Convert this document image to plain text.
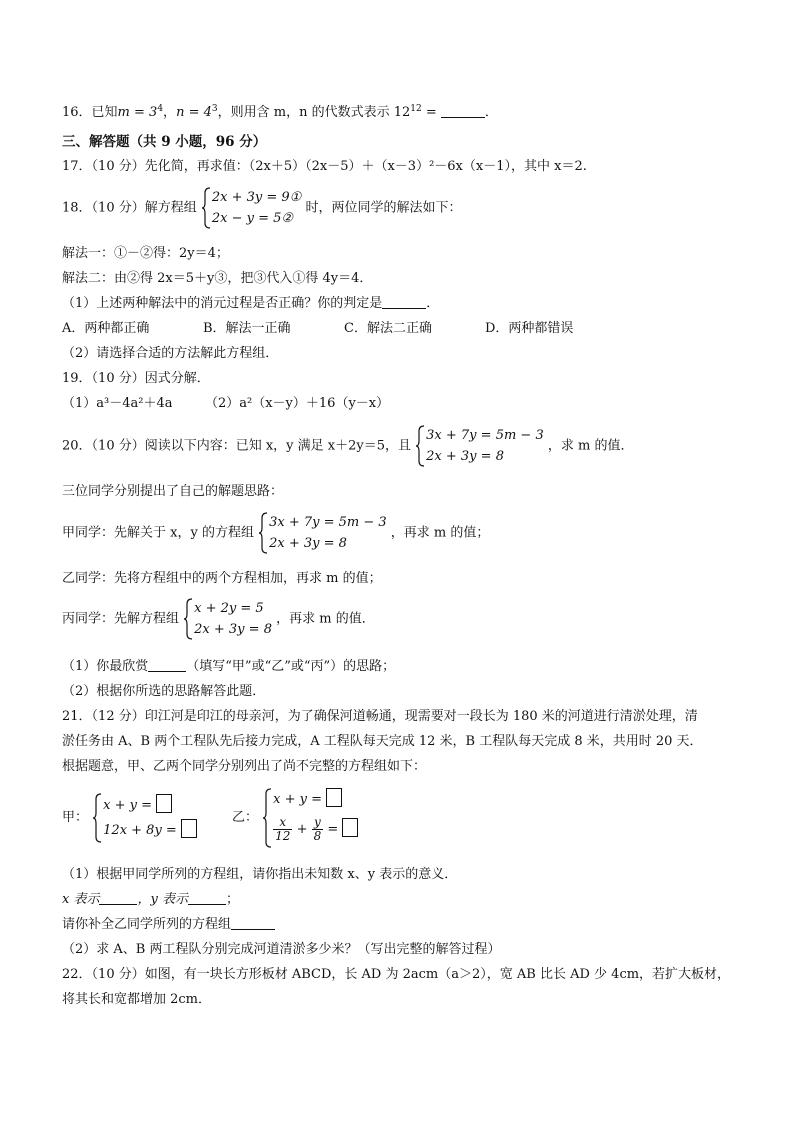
16．已知$m = 3^4$，$n = 4^3$，则用含 m，n 的代数式表示 $12^{12}$ =	．
三、解答题（共 9 小题，96 分）
17．（10 分）先化简，再求值：（2x＋5）（2x－5）＋（x－3）²－6x（x－1），其中 x＝2.
18．（10 分）解方程组
2x + 3y = 9①
2x − y = 5②
时，两位同学的解法如下：
解法一：①－②得：2y＝4；
解法二：由②得 2x＝5＋y③，把③代入①得 4y＝4．
（1）上述两种解法中的消元过程是否正确？你的判定是	．
A．两种都正确	B．解法一正确	C．解法二正确	D．两种都错误
（2）请选择合适的方法解此方程组．
19．（10 分）因式分解．
（1）a³－4a²＋4a　　　（2）a²（x－y）＋16（y－x）
20．（10 分）阅读以下内容：已知 x，y 满足 x＋2y＝5，且
3x + 7y = 5m − 3
2x + 3y = 8
，求 m 的值．
三位同学分别提出了自己的解题思路：
甲同学：先解关于 x，y 的方程组
3x + 7y = 5m − 3
2x + 3y = 8
，再求 m 的值；
乙同学：先将方程组中的两个方程相加，再求 m 的值；
丙同学：先解方程组
x + 2y = 5
2x + 3y = 8
，再求 m 的值．
（1）你最欣赏	（填写“甲”或“乙”或“丙”）的思路；
（2）根据你所选的思路解答此题．
21．（12 分）印江河是印江的母亲河，为了确保河道畅通，现需要对一段长为 180 米的河道进行清淤处理，清
淤任务由 A、B 两个工程队先后接力完成，A 工程队每天完成 12 米，B 工程队每天完成 8 米，共用时 20 天．
根据题意，甲、乙两个同学分别列出了尚不完整的方程组如下：
甲：
x + y =
12x + 8y =
乙：
x + y =
$\frac{x}{12} + \frac{y}{8}$ =
（1）根据甲同学所列的方程组，请你指出未知数 x、y 表示的意义．
x 表示	，y 表示	；
请你补全乙同学所列的方程组
（2）求 A、B 两工程队分别完成河道清淤多少米？（写出完整的解答过程）
22．（10 分）如图，有一块长方形板材 ABCD，长 AD 为 2acm（a＞2），宽 AB 比长 AD 少 4cm，若扩大板材，
将其长和宽都增加 2cm．
